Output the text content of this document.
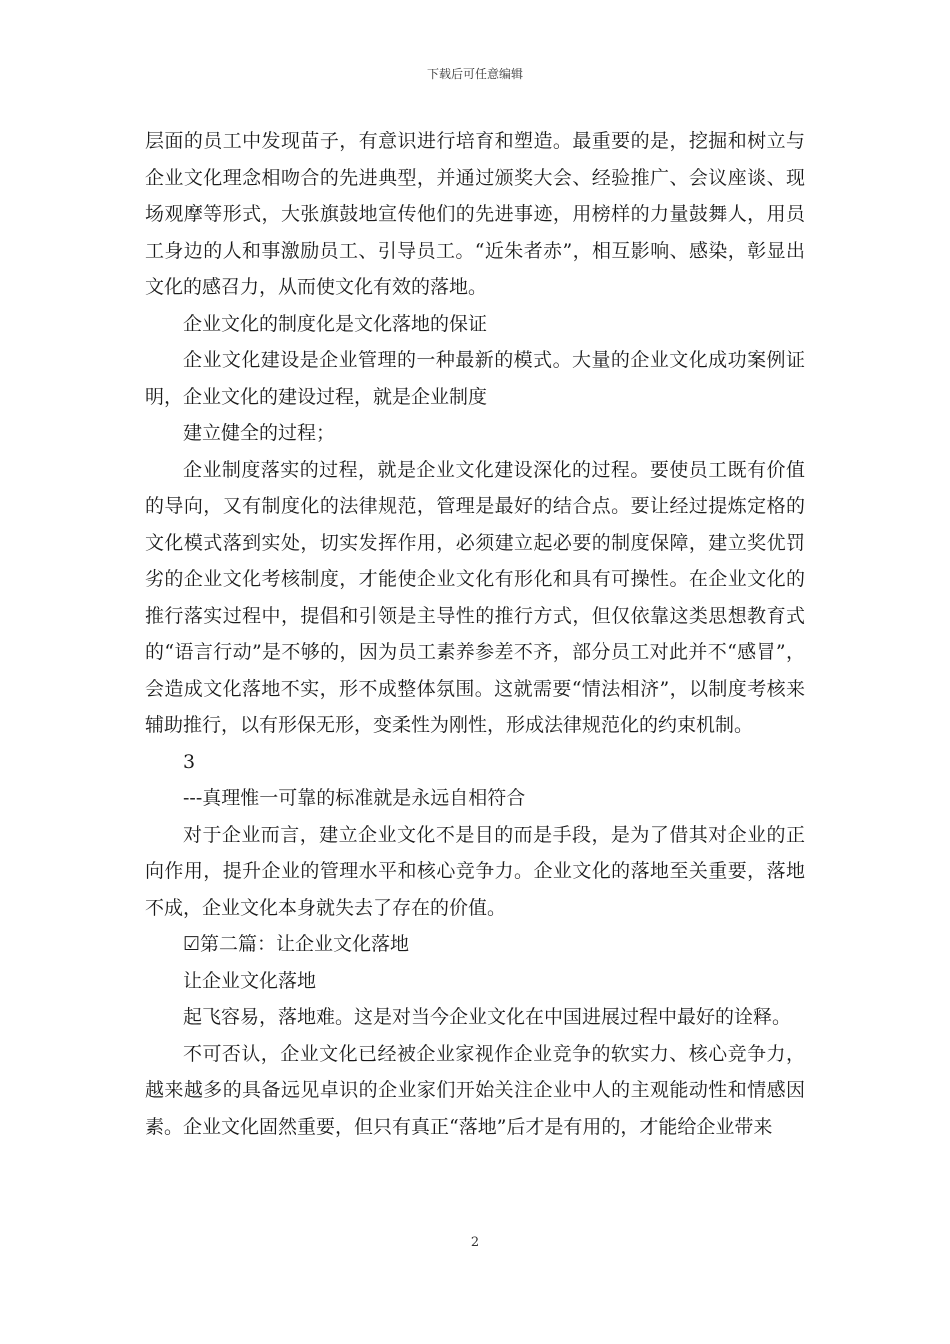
下载后可任意编辑

层面的员工中发现苗子，有意识进行培育和塑造。最重要的是，挖掘和树立与企业文化理念相吻合的先进典型，并通过颁奖大会、经验推广、会议座谈、现场观摩等形式，大张旗鼓地宣传他们的先进事迹，用榜样的力量鼓舞人，用员工身边的人和事激励员工、引导员工。“近朱者赤”，相互影响、感染，彰显出文化的感召力，从而使文化有效的落地。

企业文化的制度化是文化落地的保证

企业文化建设是企业管理的一种最新的模式。大量的企业文化成功案例证明，企业文化的建设过程，就是企业制度

建立健全的过程；

企业制度落实的过程，就是企业文化建设深化的过程。要使员工既有价值的导向，又有制度化的法律规范，管理是最好的结合点。要让经过提炼定格的文化模式落到实处，切实发挥作用，必须建立起必要的制度保障，建立奖优罚劣的企业文化考核制度，才能使企业文化有形化和具有可操性。在企业文化的推行落实过程中，提倡和引领是主导性的推行方式，但仅依靠这类思想教育式的“语言行动”是不够的，因为员工素养参差不齐，部分员工对此并不“感冒”，会造成文化落地不实，形不成整体氛围。这就需要“情法相济”，以制度考核来辅助推行，以有形保无形，变柔性为刚性，形成法律规范化的约束机制。

3

---真理惟一可靠的标准就是永远自相符合

对于企业而言，建立企业文化不是目的而是手段，是为了借其对企业的正向作用，提升企业的管理水平和核心竞争力。企业文化的落地至关重要，落地不成，企业文化本身就失去了存在的价值。

☑第二篇：让企业文化落地

让企业文化落地

起飞容易，落地难。这是对当今企业文化在中国进展过程中最好的诠释。

不可否认，企业文化已经被企业家视作企业竞争的软实力、核心竞争力，越来越多的具备远见卓识的企业家们开始关注企业中人的主观能动性和情感因素。企业文化固然重要，但只有真正“落地”后才是有用的，才能给企业带来

2
